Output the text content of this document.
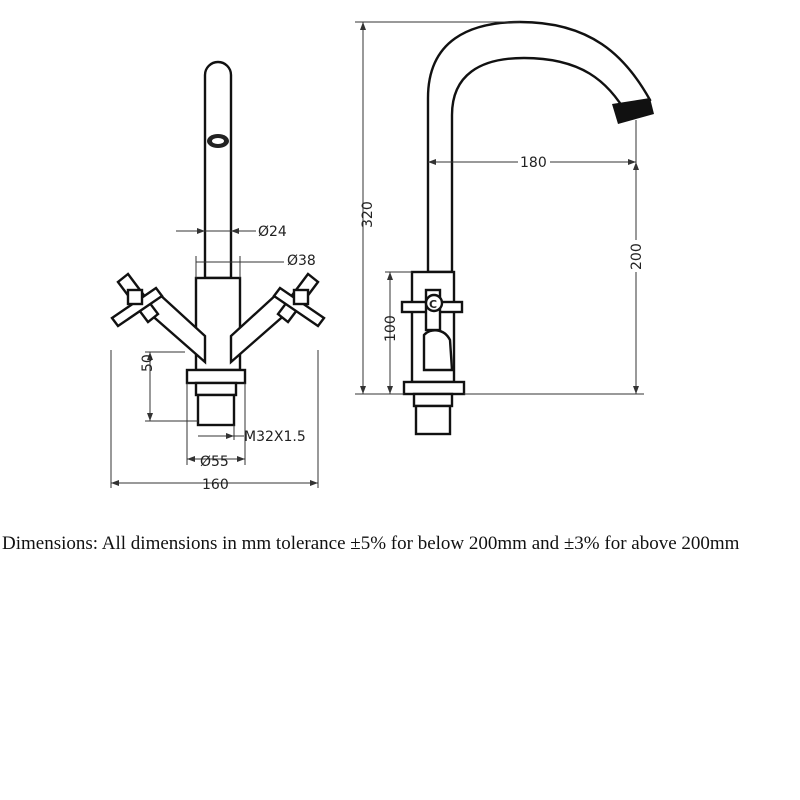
Ø24
Ø38
50
M32X1.5
Ø55
160
C
320
180
200
100
Dimensions: All dimensions in mm tolerance ±5% for below 200mm and ±3% for above 200mm
